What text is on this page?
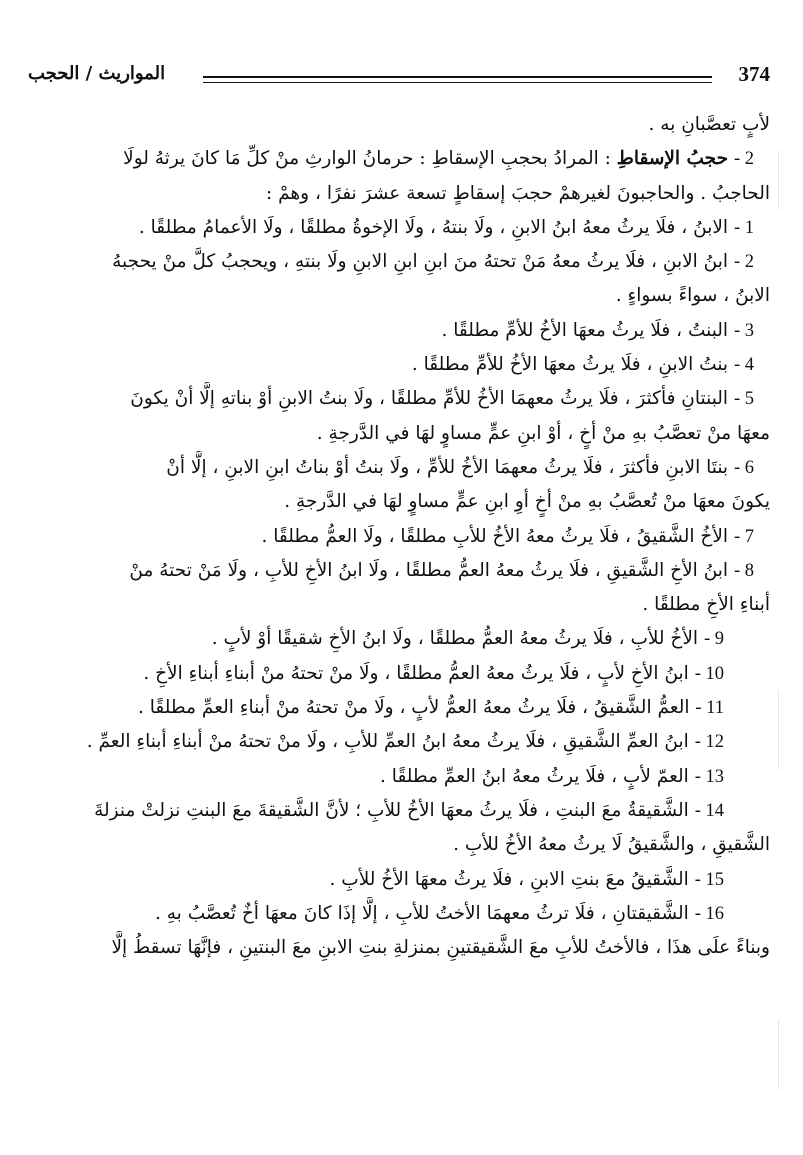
374
المواريث / الحجب
لأبٍ تعصَّبانِ به .
2 - حجبُ الإسقاطِ : المرادُ بحجبِ الإسقاطِ : حرمانُ الوارثِ منْ كلِّ مَا كانَ يرثهُ لولَا
الحاجبُ . والحاجبونَ لغيرهمْ حجبَ إسقاطٍ تسعة عشرَ نفرًا ، وهمْ :
1 - الابنُ ، فلَا يرثُ معهُ ابنُ الابنِ ، ولَا بنتهُ ، ولَا الإخوةُ مطلقًا ، ولَا الأعمامُ مطلقًا .
2 - ابنُ الابنِ ، فلَا يرثُ معهُ مَنْ تحتهُ منَ ابنِ ابنِ الابنِ ولَا بنتهِ ، ويحجبُ كلَّ منْ يحجبهُ
الابنُ ، سواءً بسواءٍ .
3 - البنتُ ، فلَا يرثُ معهَا الأخُ للأمِّ مطلقًا .
4 - بنتُ الابنِ ، فلَا يرثُ معهَا الأخُ للأمِّ مطلقًا .
5 - البنتانِ فأكثرَ ، فلَا يرثُ معهمَا الأخُ للأمِّ مطلقًا ، ولَا بنتُ الابنِ أوْ بناتهِ إلَّا أنْ يكونَ
معهَا منْ تعصَّبُ بهِ منْ أخٍ ، أوْ ابنِ عمٍّ مساوٍ لهَا في الدَّرجةِ .
6 - بنتَا الابنِ فأكثرَ ، فلَا يرثُ معهمَا الأخُ للأمِّ ، ولَا بنتُ أوْ بناتُ ابنِ الابنِ ، إلَّا أنْ
يكونَ معهَا منْ تُعصَّبُ بهِ منْ أخٍ أوِ ابنِ عمٍّ مساوٍ لهَا في الدَّرجةِ .
7 - الأخُ الشَّقيقُ ، فلَا يرثُ معهُ الأخُ للأبِ مطلقًا ، ولَا العمُّ مطلقًا .
8 - ابنُ الأخِ الشَّقيقِ ، فلَا يرثُ معهُ العمُّ مطلقًا ، ولَا ابنُ الأخِ للأبِ ، ولَا مَنْ تحتهُ منْ
أبناءِ الأخِ مطلقًا .
9 - الأخُ للأبِ ، فلَا يرثُ معهُ العمُّ مطلقًا ، ولَا ابنُ الأخِ شقيقًا أوْ لأبٍ .
10 - ابنُ الأخِ لأبٍ ، فلَا يرثُ معهُ العمُّ مطلقًا ، ولَا منْ تحتهُ منْ أبناءِ أبناءِ الأخِ .
11 - العمُّ الشَّقيقُ ، فلَا يرثُ معهُ العمُّ لأبٍ ، ولَا منْ تحتهُ منْ أبناءِ العمِّ مطلقًا .
12 - ابنُ العمِّ الشَّقيقِ ، فلَا يرثُ معهُ ابنُ العمِّ للأبِ ، ولَا منْ تحتهُ منْ أبناءِ أبناءِ العمِّ .
13 - العمّ لأبٍ ، فلَا يرثُ معهُ ابنُ العمِّ مطلقًا .
14 - الشَّقيقةُ معَ البنتِ ، فلَا يرثُ معهَا الأخُ للأبِ ؛ لأنَّ الشَّقيقةَ معَ البنتِ نزلتْ منزلةَ
الشَّقيقِ ، والشَّقيقُ لَا يرثُ معهُ الأخُ للأبِ .
15 - الشَّقيقُ معَ بنتِ الابنِ ، فلَا يرثُ معهَا الأخُ للأبِ .
16 - الشَّقيقتانِ ، فلَا ترثُ معهمَا الأختُ للأبِ ، إلَّا إذَا كانَ معهَا أخٌ تُعصَّبُ بهِ .
وبناءً علَى هذَا ، فالأختُ للأبِ معَ الشَّقيقتينِ بمنزلةِ بنتِ الابنِ معَ البنتينِ ، فإنَّهَا تسقطُ إلَّا
